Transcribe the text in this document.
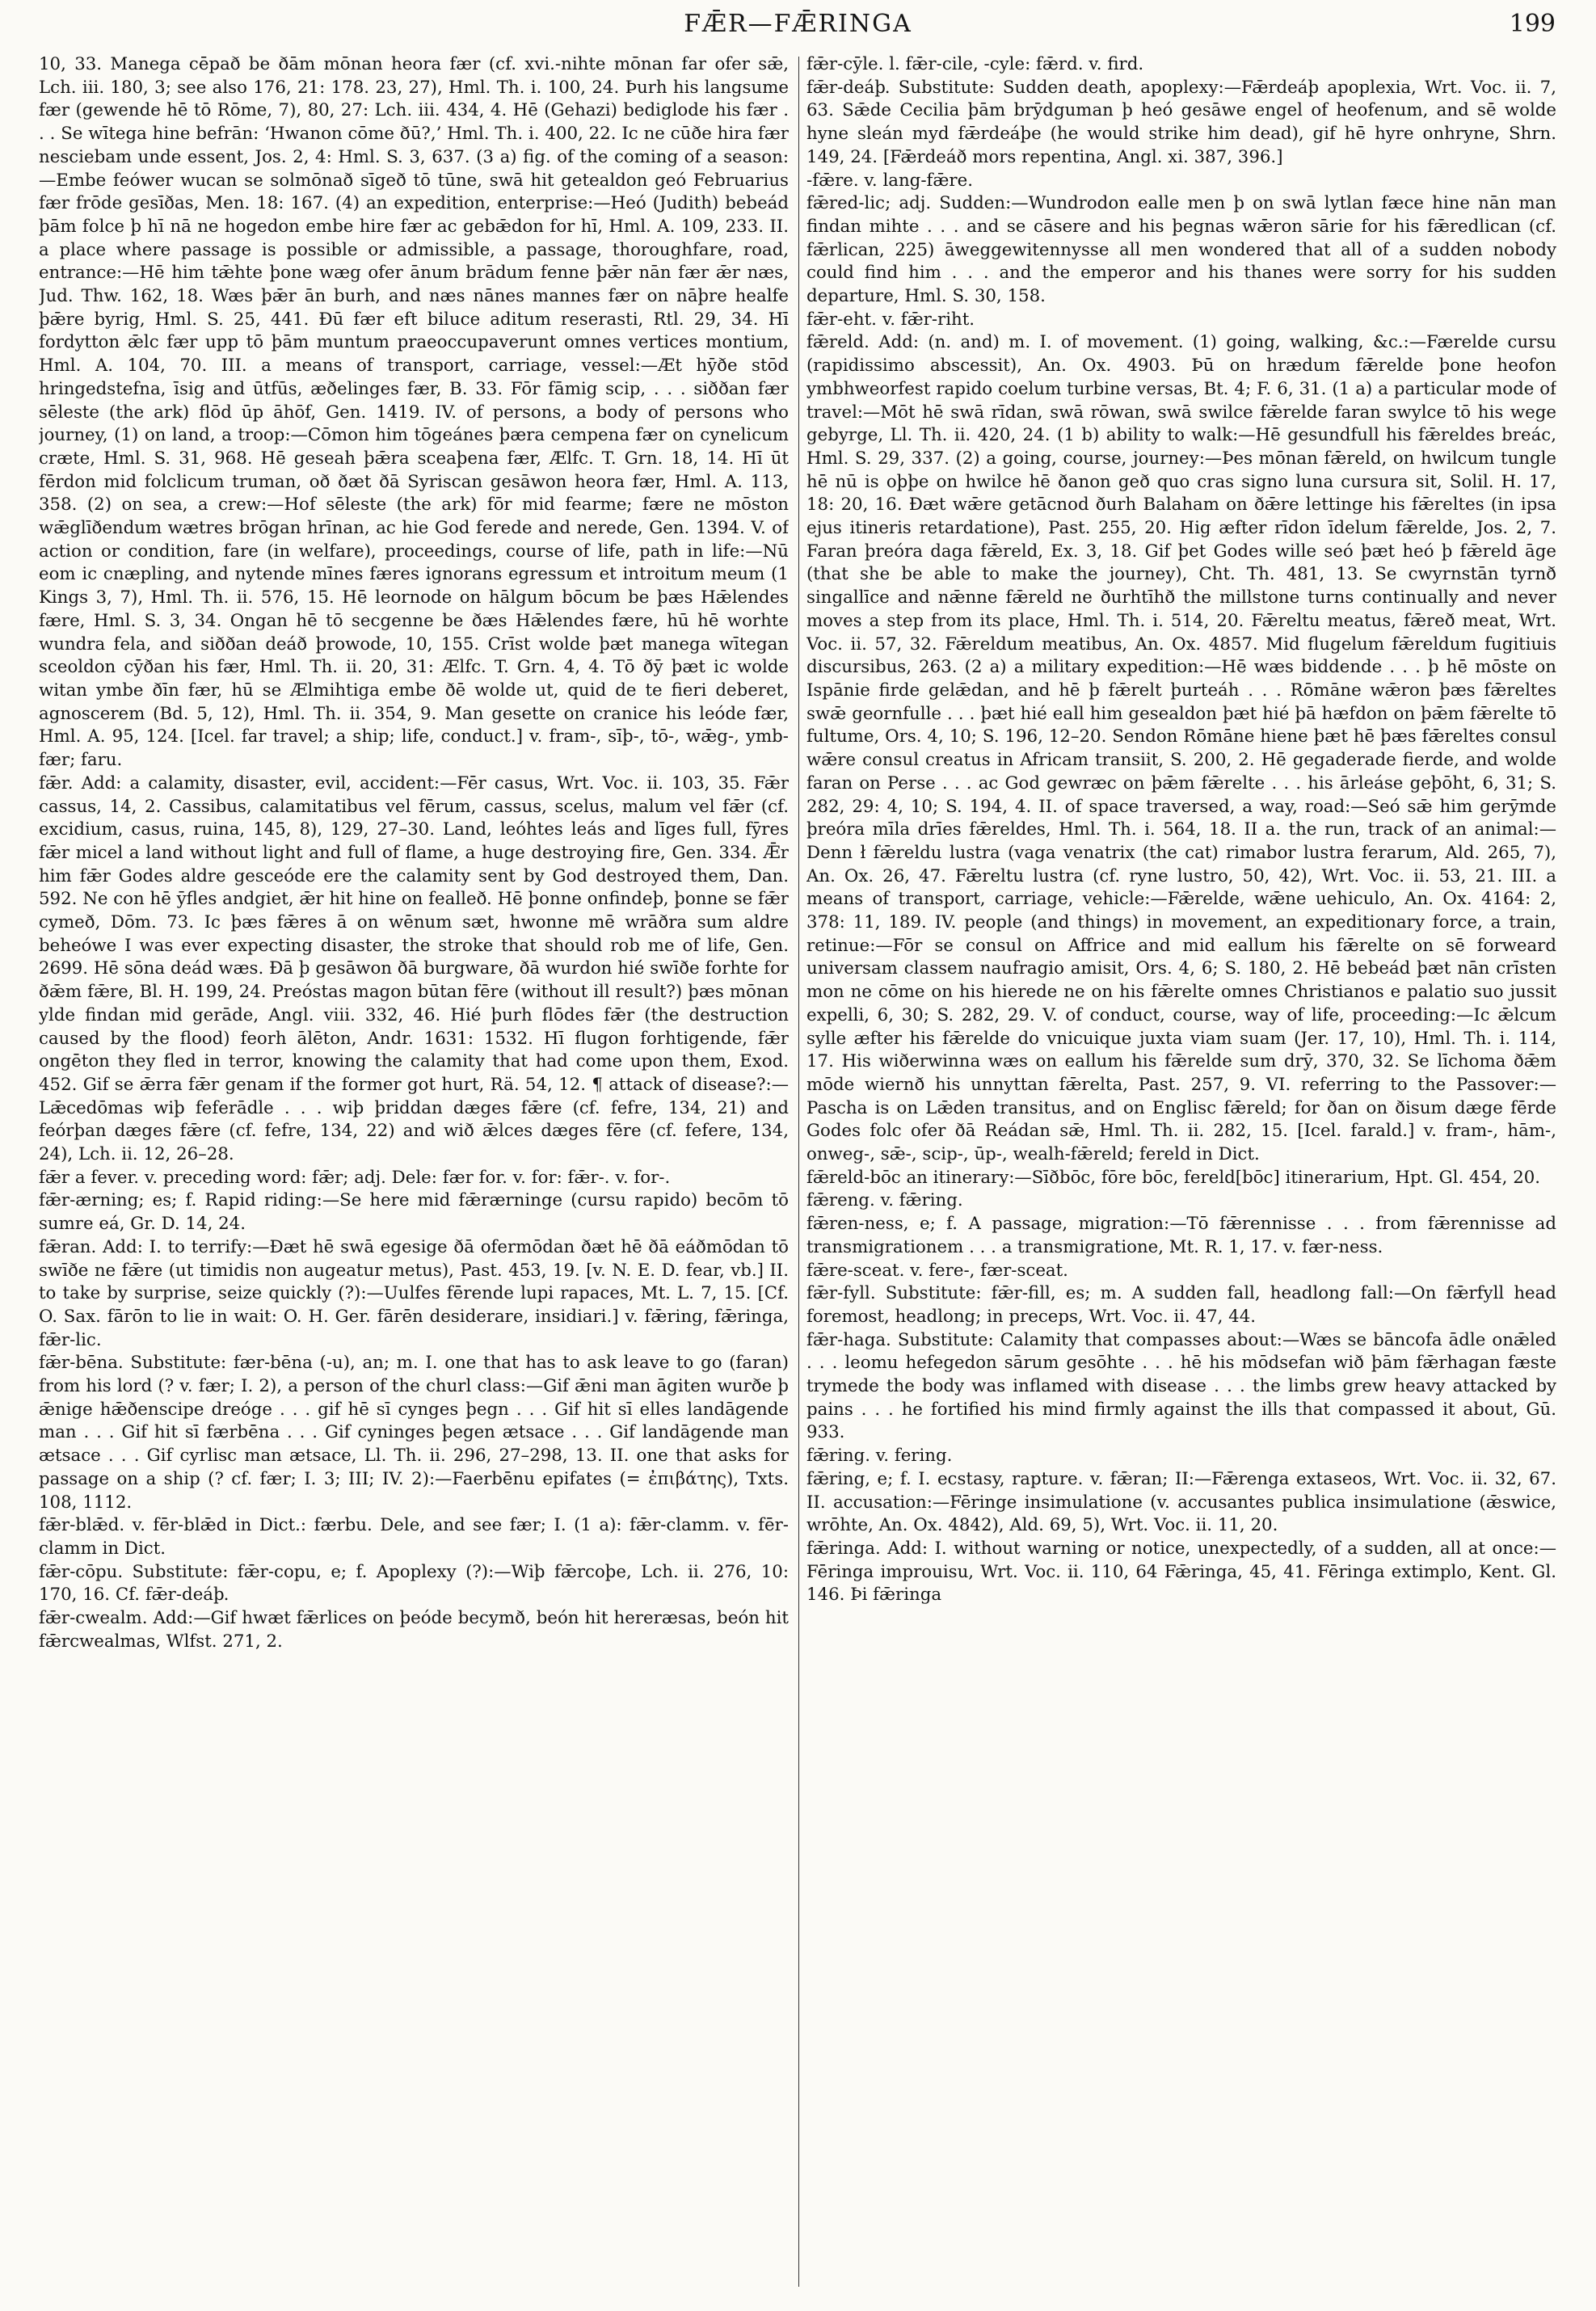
FǢR—FǢRINGA	199

10, 33. Manega cēpað be ðām mōnan heora fær (cf. xvi.-nihte mōnan far ofer sǣ, Lch. iii. 180, 3; see also 176, 21: 178. 23, 27), Hml. Th. i. 100, 24. Þurh his langsume fær (gewende hē tō Rōme, 7), 80, 27: Lch. iii. 434, 4. Hē (Gehazi) bediglode his fær . . . Se wītega hine befrān: ‘Hwanon cōme ðū?,’ Hml. Th. i. 400, 22. Ic ne cūðe hira fær nesciebam unde essent, Jos. 2, 4: Hml. S. 3, 637. (3 a) fig. of the coming of a season:—Embe feówer wucan se solmōnað sīgeð tō tūne, swā hit getealdon geó Februarius fær frōde gesīðas, Men. 18: 167. (4) an expedition, enterprise:—Heó (Judith) bebeád þām folce þ hī nā ne hogedon embe hire fær ac gebǣdon for hī, Hml. A. 109, 233. II. a place where passage is possible or admissible, a passage, thoroughfare, road, entrance:—Hē him tǣhte þone wæg ofer ānum brādum fenne þǣr nān fær ǣr næs, Jud. Thw. 162, 18. Wæs þǣr ān burh, and næs nānes mannes fær on nāþre healfe þǣre byrig, Hml. S. 25, 441. Ðū fær eft biluce aditum reserasti, Rtl. 29, 34. Hī fordytton ǣlc fær upp tō þām muntum praeoccupaverunt omnes vertices montium, Hml. A. 104, 70. III. a means of transport, carriage, vessel:—Æt hȳðe stōd hringedstefna, īsig and ūtfūs, æðelinges fær, B. 33. Fōr fāmig scip, . . . siððan fær sēleste (the ark) flōd ūp āhōf, Gen. 1419. IV. of persons, a body of persons who journey, (1) on land, a troop:—Cōmon him tōgeánes þæra cempena fær on cynelicum cræte, Hml. S. 31, 968. Hē geseah þǣra sceaþena fær, Ælfc. T. Grn. 18, 14. Hī ūt fērdon mid folclicum truman, oð ðæt ðā Syriscan gesāwon heora fær, Hml. A. 113, 358. (2) on sea, a crew:—Hof sēleste (the ark) fōr mid fearme; fære ne mōston wǣglīðendum wætres brōgan hrīnan, ac hie God ferede and nerede, Gen. 1394. V. of action or condition, fare (in welfare), proceedings, course of life, path in life:—Nū eom ic cnæpling, and nytende mīnes færes ignorans egressum et introitum meum (1 Kings 3, 7), Hml. Th. ii. 576, 15. Hē leornode on hālgum bōcum be þæs Hǣlendes fære, Hml. S. 3, 34. Ongan hē tō secgenne be ðæs Hǣlendes fære, hū hē worhte wundra fela, and siððan deáð þrowode, 10, 155. Crīst wolde þæt manega wītegan sceoldon cȳðan his fær, Hml. Th. ii. 20, 31: Ælfc. T. Grn. 4, 4. Tō ðȳ þæt ic wolde witan ymbe ðīn fær, hū se Ælmihtiga embe ðē wolde ut, quid de te fieri deberet, agnoscerem (Bd. 5, 12), Hml. Th. ii. 354, 9. Man gesette on cranice his leóde fær, Hml. A. 95, 124. [Icel. far travel; a ship; life, conduct.] v. fram-, sīþ-, tō-, wǣg-, ymb-fær; faru.

fǣr. Add: a calamity, disaster, evil, accident:—Fēr casus, Wrt. Voc. ii. 103, 35. Fǣr cassus, 14, 2. Cassibus, calamitatibus vel fērum, cassus, scelus, malum vel fǣr (cf. excidium, casus, ruina, 145, 8), 129, 27–30. Land, leóhtes leás and līges full, fȳres fǣr micel a land without light and full of flame, a huge destroying fire, Gen. 334. Ǣr him fǣr Godes aldre gesceóde ere the calamity sent by God destroyed them, Dan. 592. Ne con hē ȳfles andgiet, ǣr hit hine on feallеð. Hē þonne onfindeþ, þonne se fǣr cymeð, Dōm. 73. Ic þæs fǣres ā on wēnum sæt, hwonne mē wrāðra sum aldre beheówe I was ever expecting disaster, the stroke that should rob me of life, Gen. 2699. Hē sōna deád wæs. Ðā þ gesāwon ðā burgware, ðā wurdon hié swīðe forhte for ðǣm fǣre, Bl. H. 199, 24. Preóstas magon būtan fēre (without ill result?) þæs mōnan ylde findan mid gerāde, Angl. viii. 332, 46. Hié þurh flōdes fǣr (the destruction caused by the flood) feorh ālēton, Andr. 1631: 1532. Hī flugon forhtigende, fǣr ongēton they fled in terror, knowing the calamity that had come upon them, Exod. 452. Gif se ǣrra fǣr genam if the former got hurt, Rä. 54, 12. ¶ attack of disease?:—Lǣcedōmas wiþ feferādle . . . wiþ þriddan dæges fǣre (cf. fefre, 134, 21) and feórþan dæges fǣre (cf. fefre, 134, 22) and wið ǣlces dæges fēre (cf. fefere, 134, 24), Lch. ii. 12, 26–28.

fǣr a fever. v. preceding word: fǣr; adj. Dele: fær for. v. for: fǣr-. v. for-.

fǣr-ærning; es; f. Rapid riding:—Se here mid fǣrærninge (cursu rapido) becōm tō sumre eá, Gr. D. 14, 24.

fǣran. Add: I. to terrify:—Ðæt hē swā egesige ðā ofermōdan ðæt hē ðā eáðmōdan tō swīðe ne fǣre (ut timidis non augeatur metus), Past. 453, 19. [v. N. E. D. fear, vb.] II. to take by surprise, seize quickly (?):—Uulfes fērende lupi rapaces, Mt. L. 7, 15. [Cf. O. Sax. fārōn to lie in wait: O. H. Ger. fārēn desiderare, insidiari.] v. fǣring, fǣringa, fǣr-lic.

fǣr-bēna. Substitute: fær-bēna (-u), an; m. I. one that has to ask leave to go (faran) from his lord (? v. fær; I. 2), a person of the churl class:—Gif ǣni man āgiten wurðe þ ǣnige hǣðenscipe dreóge . . . gif hē sī cynges þegn . . . Gif hit sī elles landāgende man . . . Gif hit sī færbēna . . . Gif cyninges þegen ætsace . . . Gif landāgende man ætsace . . . Gif cyrlisc man ætsace, Ll. Th. ii. 296, 27–298, 13. II. one that asks for passage on a ship (? cf. fær; I. 3; III; IV. 2):—Faerbēnu epifates (= ἐπιβάτης), Txts. 108, 1112.

fǣr-blǣd. v. fēr-blǣd in Dict.: færbu. Dele, and see fær; I. (1 a): fǣr-clamm. v. fēr-clamm in Dict.

fǣr-cōpu. Substitute: fǣr-copu, e; f. Apoplexy (?):—Wiþ fǣrcoþe, Lch. ii. 276, 10: 170, 16. Cf. fǣr-deáþ.

fǣr-cwealm. Add:—Gif hwæt fǣrlices on þeóde becymð, beón hit hereræsas, beón hit fǣrcwealmas, Wlfst. 271, 2.

fǣr-cȳle. l. fǣr-cile, -cyle: fǣrd. v. fird.

fǣr-deáþ. Substitute: Sudden death, apoplexy:—Fǣrdeáþ apoplexia, Wrt. Voc. ii. 7, 63. Sǣde Cecilia þām brȳdguman þ heó gesāwe engel of heofenum, and sē wolde hyne sleán myd fǣrdeáþe (he would strike him dead), gif hē hyre onhryne, Shrn. 149, 24. [Fǣrdeáð mors repentina, Angl. xi. 387, 396.]

-fǣre. v. lang-fǣre.

fǣred-lic; adj. Sudden:—Wundrodon ealle men þ on swā lytlan fæce hine nān man findan mihte . . . and se cāsere and his þegnas wǣron sārie for his fǣredlican (cf. fǣrlican, 225) āweggewitennysse all men wondered that all of a sudden nobody could find him . . . and the emperor and his thanes were sorry for his sudden departure, Hml. S. 30, 158.

fǣr-eht. v. fǣr-riht.

fǣreld. Add: (n. and) m. I. of movement. (1) going, walking, &c.:—Færelde cursu (rapidissimo abscessit), An. Ox. 4903. Þū on hrædum fǣrelde þone heofon ymbhweorfest rapido coelum turbine versas, Bt. 4; F. 6, 31. (1 a) a particular mode of travel:—Mōt hē swā rīdan, swā rōwan, swā swilce fǣrelde faran swylce tō his wege gebyrge, Ll. Th. ii. 420, 24. (1 b) ability to walk:—Hē gesundfull his fǣreldes breác, Hml. S. 29, 337. (2) a going, course, journey:—Þes mōnan fǣreld, on hwilcum tungle hē nū is oþþe on hwilce hē ðanon geð quo cras signo luna cursura sit, Solil. H. 17, 18: 20, 16. Ðæt wǣre getācnod ðurh Balaham on ðǣre lettinge his fǣreltes (in ipsa ejus itineris retardatione), Past. 255, 20. Hig æfter rīdon īdelum fǣrelde, Jos. 2, 7. Faran þreóra daga fǣreld, Ex. 3, 18. Gif þet Godes wille seó þæt heó þ fǣreld āge (that she be able to make the journey), Cht. Th. 481, 13. Se cwyrnstān tyrnð singallīce and nǣnne fǣreld ne ðurhtīhð the millstone turns continually and never moves a step from its place, Hml. Th. i. 514, 20. Fǣreltu meatus, fǣreð meat, Wrt. Voc. ii. 57, 32. Fǣreldum meatibus, An. Ox. 4857. Mid flugelum fǣreldum fugitiuis discursibus, 263. (2 a) a military expedition:—Hē wæs biddende . . . þ hē mōste on Ispānie firde gelǣdan, and hē þ fǣrelt þurteáh . . . Rōmāne wǣron þæs fǣreltes swǣ geornfulle . . . þæt hié eall him gesealdon þæt hié þā hæfdon on þǣm fǣrelte tō fultume, Ors. 4, 10; S. 196, 12–20. Sendon Rōmāne hiene þæt hē þæs fǣreltes consul wǣre consul creatus in Africam transiit, S. 200, 2. Hē gegaderade fierde, and wolde faran on Perse . . . ac God gewræc on þǣm fǣrelte . . . his ārleáse geþōht, 6, 31; S. 282, 29: 4, 10; S. 194, 4. II. of space traversed, a way, road:—Seó sǣ him gerȳmde þreóra mīla drīes fǣreldes, Hml. Th. i. 564, 18. II a. the run, track of an animal:—Denn ł fǣreldu lustra (vaga venatrix (the cat) rimabor lustra ferarum, Ald. 265, 7), An. Ox. 26, 47. Fǣreltu lustra (cf. ryne lustro, 50, 42), Wrt. Voc. ii. 53, 21. III. a means of transport, carriage, vehicle:—Fǣrelde, wǣne uehiculo, An. Ox. 4164: 2, 378: 11, 189. IV. people (and things) in movement, an expeditionary force, a train, retinue:—Fōr se consul on Affrice and mid eallum his fǣrelte on sē forweard universam classem naufragio amisit, Ors. 4, 6; S. 180, 2. Hē bebeád þæt nān crīsten mon ne cōme on his hierede ne on his fǣrelte omnes Christianos e palatio suo jussit expelli, 6, 30; S. 282, 29. V. of conduct, course, way of life, proceeding:—Ic ǣlcum sylle æfter his fǣrelde do vnicuique juxta viam suam (Jer. 17, 10), Hml. Th. i. 114, 17. His wiðerwinna wæs on eallum his fǣrelde sum drȳ, 370, 32. Se līchoma ðǣm mōde wiernð his unnyttan fǣrelta, Past. 257, 9. VI. referring to the Passover:—Pascha is on Lǣden transitus, and on Englisc fǣreld; for ðan on ðisum dæge fērde Godes folc ofer ðā Reádan sǣ, Hml. Th. ii. 282, 15. [Icel. farald.] v. fram-, hām-, onweg-, sǣ-, scip-, ūp-, wealh-fǣreld; fereld in Dict.

fǣreld-bōc an itinerary:—Sīðbōc, fōre bōc, fereld[bōc] itinerarium, Hpt. Gl. 454, 20.

fǣreng. v. fǣring.

fǣren-ness, e; f. A passage, migration:—Tō fǣrennisse . . . from fǣrennisse ad transmigrationem . . . a transmigratione, Mt. R. 1, 17. v. fær-ness.

fǣre-sceat. v. fere-, fær-sceat.

fǣr-fyll. Substitute: fǣr-fill, es; m. A sudden fall, headlong fall:—On fǣrfyll head foremost, headlong; in preceps, Wrt. Voc. ii. 47, 44.

fǣr-haga. Substitute: Calamity that compasses about:—Wæs se bāncofa ādle onǣled . . . leomu hefegedon sārum gesōhte . . . hē his mōdsefan wið þām fǣrhagan fæste trymede the body was inflamed with disease . . . the limbs grew heavy attacked by pains . . . he fortified his mind firmly against the ills that compassed it about, Gū. 933.

fǣring. v. fering.

fǣring, e; f. I. ecstasy, rapture. v. fǣran; II:—Fǣrenga extaseos, Wrt. Voc. ii. 32, 67. II. accusation:—Fēringe insimulatione (v. accusantes publica insimulatione (ǣswice, wrōhte, An. Ox. 4842), Ald. 69, 5), Wrt. Voc. ii. 11, 20.

fǣringa. Add: I. without warning or notice, unexpectedly, of a sudden, all at once:—Fēringa improuisu, Wrt. Voc. ii. 110, 64 Fǣringa, 45, 41. Fēringa extimplo, Kent. Gl. 146. Þi fǣringa
